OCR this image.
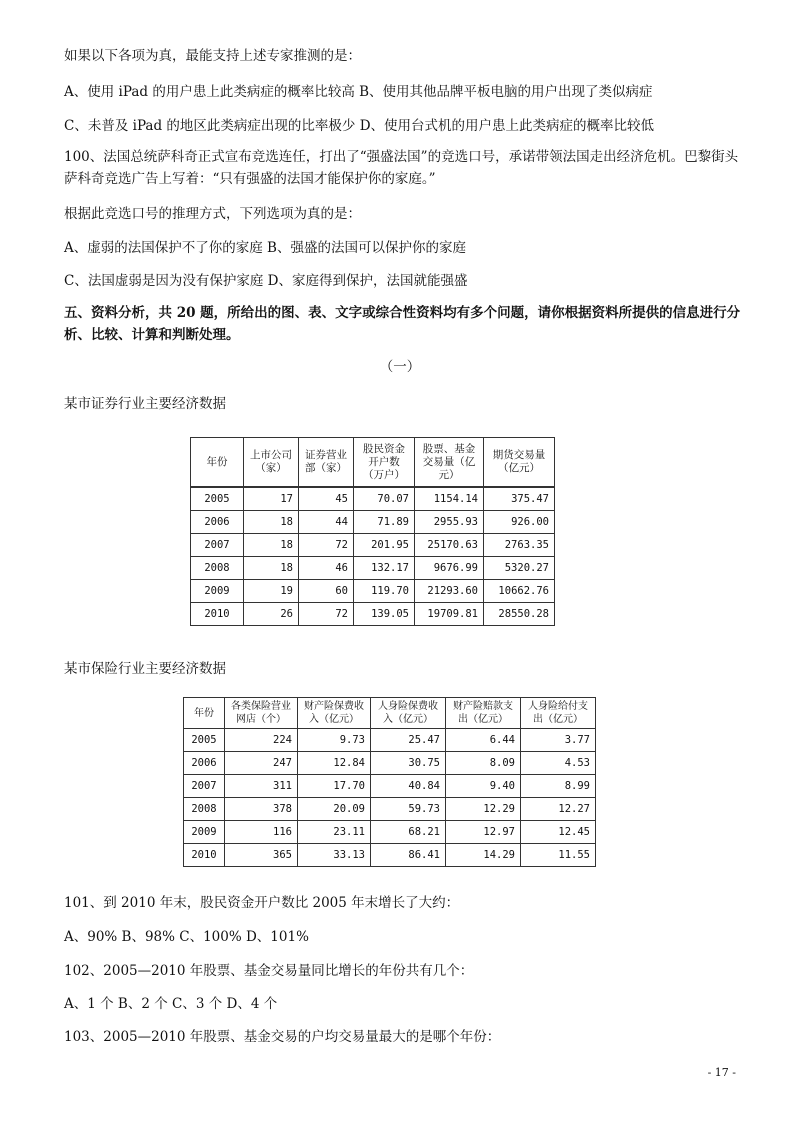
如果以下各项为真，最能支持上述专家推测的是：
A、使用 iPad 的用户患上此类病症的概率比较高 B、使用其他品牌平板电脑的用户出现了类似病症
C、未普及 iPad 的地区此类病症出现的比率极少 D、使用台式机的用户患上此类病症的概率比较低
100、法国总统萨科奇正式宣布竞选连任，打出了“强盛法国”的竞选口号，承诺带领法国走出经济危机。巴黎街头萨科奇竞选广告上写着：“只有强盛的法国才能保护你的家庭。”
根据此竞选口号的推理方式，下列选项为真的是：
A、虚弱的法国保护不了你的家庭 B、强盛的法国可以保护你的家庭
C、法国虚弱是因为没有保护家庭 D、家庭得到保护，法国就能强盛
五、资料分析，共 20 题，所给出的图、表、文字或综合性资料均有多个问题，请你根据资料所提供的信息进行分析、比较、计算和判断处理。
（一）
某市证券行业主要经济数据
年份	上市公司（家）	证券营业部（家）	股民资金开户数（万户）	股票、基金交易量（亿元）	期货交易量（亿元）
2005	17	45	70.07	1154.14	375.47
2006	18	44	71.89	2955.93	926.00
2007	18	72	201.95	25170.63	2763.35
2008	18	46	132.17	9676.99	5320.27
2009	19	60	119.70	21293.60	10662.76
2010	26	72	139.05	19709.81	28550.28
某市保险行业主要经济数据
年份	各类保险营业网店（个）	财产险保费收入（亿元）	人身险保费收入（亿元）	财产险赔款支出（亿元）	人身险给付支出（亿元）
2005	224	9.73	25.47	6.44	3.77
2006	247	12.84	30.75	8.09	4.53
2007	311	17.70	40.84	9.40	8.99
2008	378	20.09	59.73	12.29	12.27
2009	116	23.11	68.21	12.97	12.45
2010	365	33.13	86.41	14.29	11.55
101、到 2010 年末，股民资金开户数比 2005 年末增长了大约：
A、90% B、98% C、100% D、101%
102、2005—2010 年股票、基金交易量同比增长的年份共有几个：
A、1 个 B、2 个 C、3 个 D、4 个
103、2005—2010 年股票、基金交易的户均交易量最大的是哪个年份：
- 17 -
